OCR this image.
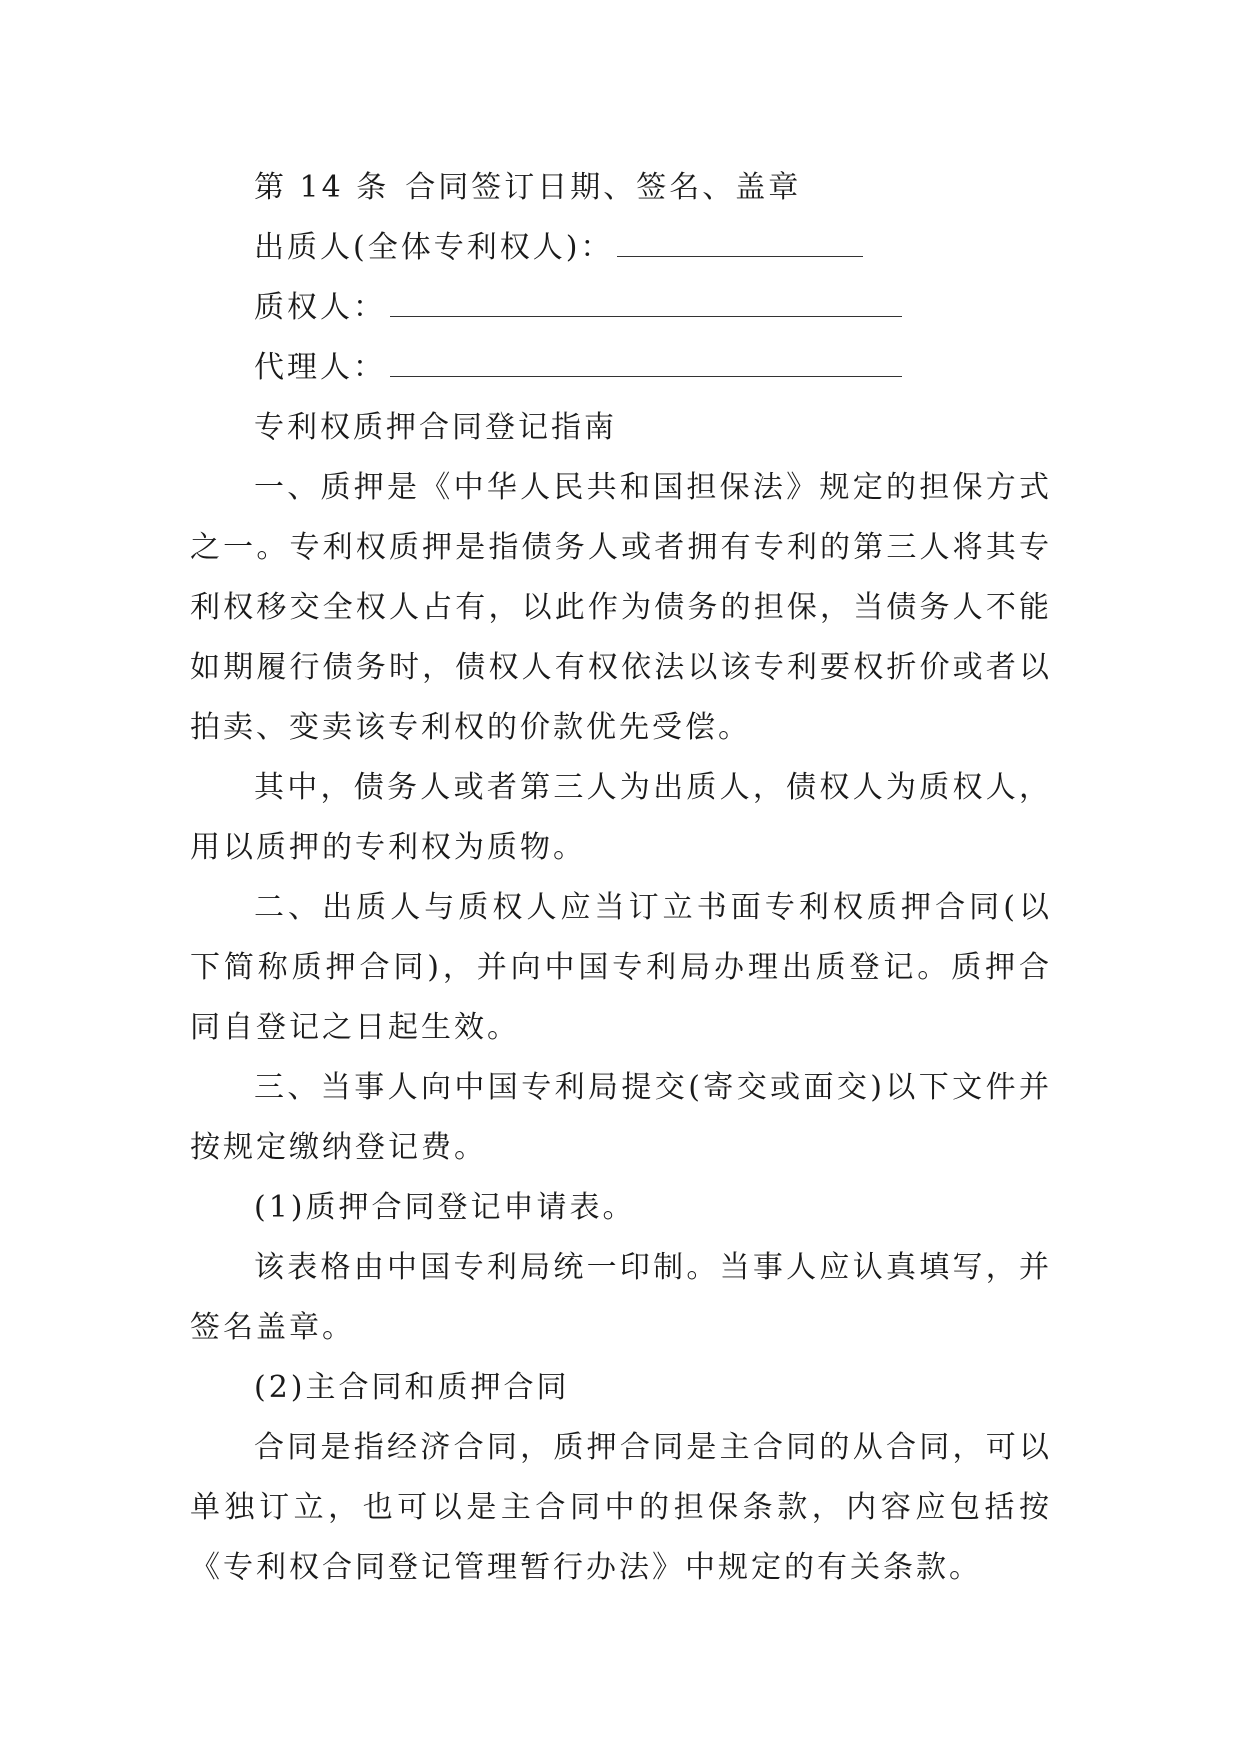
第 14 条 合同签订日期、签名、盖章

出质人(全体专利权人)：

质权人：

代理人：

专利权质押合同登记指南

一、质押是《中华人民共和国担保法》规定的担保方式之一。专利权质押是指债务人或者拥有专利的第三人将其专利权移交全权人占有，以此作为债务的担保，当债务人不能如期履行债务时，债权人有权依法以该专利要权折价或者以拍卖、变卖该专利权的价款优先受偿。

其中，债务人或者第三人为出质人，债权人为质权人，用以质押的专利权为质物。

二、出质人与质权人应当订立书面专利权质押合同(以下简称质押合同)，并向中国专利局办理出质登记。质押合同自登记之日起生效。

三、当事人向中国专利局提交(寄交或面交)以下文件并按规定缴纳登记费。

(1)质押合同登记申请表。

该表格由中国专利局统一印制。当事人应认真填写，并签名盖章。

(2)主合同和质押合同

合同是指经济合同，质押合同是主合同的从合同，可以单独订立，也可以是主合同中的担保条款，内容应包括按《专利权合同登记管理暂行办法》中规定的有关条款。
